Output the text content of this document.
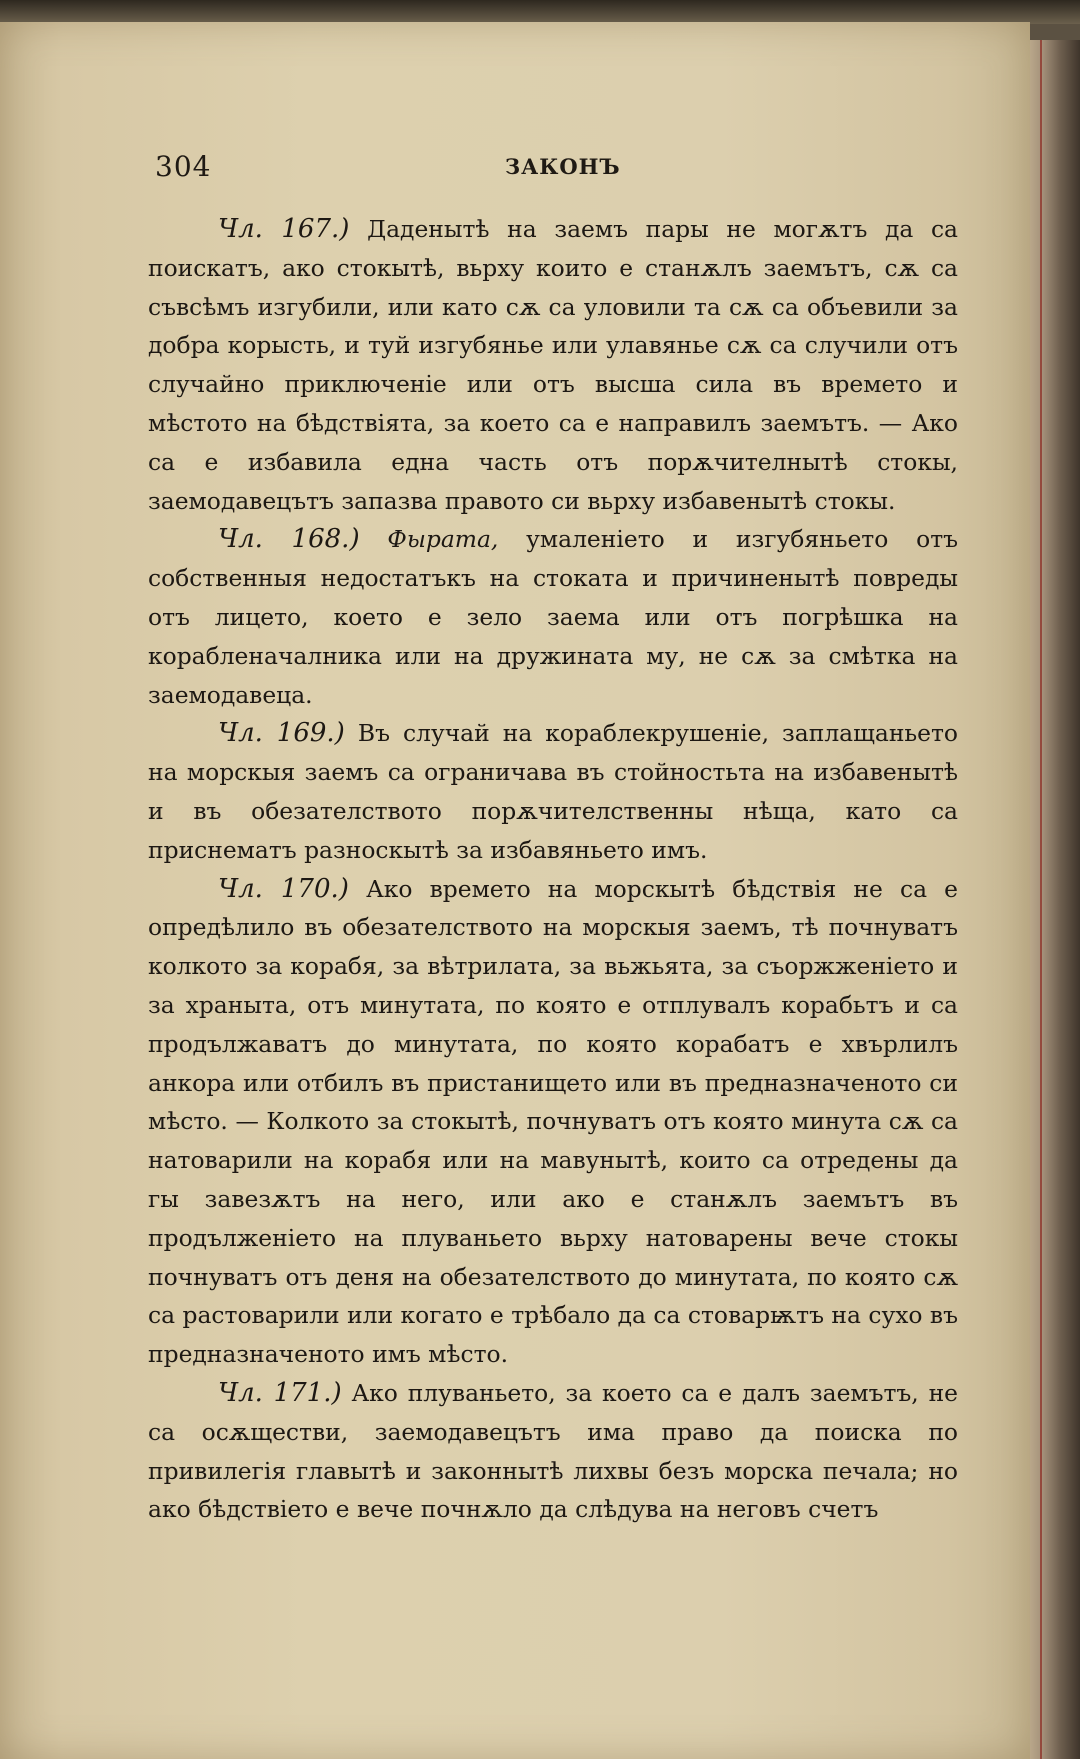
304	ЗАКОНЪ

Чл. 167.) Даденытѣ на заемъ пары не могѫтъ да са поискатъ, ако стокытѣ, вьрху които е станѫлъ заемътъ, сѫ са съвсѣмъ изгубили, или като сѫ са уловили та сѫ са объевили за добра корысть, и туй изгубянье или улавянье сѫ са случили отъ случайно приключеніе или отъ высша сила въ времето и мѣстото на бѣдствіята, за което са е направилъ заемътъ. — Ако са е избавила една часть отъ порѫчителнытѣ стокы, заемодавецътъ запазва правото си вьрху избавенытѣ стокы.

Чл. 168.) Фырата, умаленіето и изгубяньето отъ собственныя недостатъкъ на стоката и причиненытѣ повреды отъ лицето, което е зело заема или отъ погрѣшка на корабленачалника или на дружината му, не сѫ за смѣтка на заемодавеца.

Чл. 169.) Въ случай на кораблекрушеніе, заплащаньето на морскыя заемъ са ограничава въ стойностьта на избавенытѣ и въ обезателството порѫчителственны нѣща, като са приснематъ разноскытѣ за избавяньето имъ.

Чл. 170.) Ако времето на морскытѣ бѣдствія не са е опредѣлило въ обезателството на морскыя заемъ, тѣ почнуватъ колкото за корабя, за вѣтрилата, за вьжьята, за съоржженіето и за храныта, отъ минутата, по която е отплувалъ корабьтъ и са продължаватъ до минутата, по която корабатъ е хвърлилъ анкора или отбилъ въ пристанището или въ предназначеното си мѣсто. — Колкото за стокытѣ, почнуватъ отъ която минута сѫ са натоварили на корабя или на мавунытѣ, които са отредены да гы завезѫтъ на него, или ако е станѫлъ заемътъ въ продълженіето на плуваньето вьрху натоварены вече стокы почнуватъ отъ деня на обезателството до минутата, по която сѫ са растоварили или когато е трѣбало да са стоварѭтъ на сухо въ предназначеното имъ мѣсто.

Чл. 171.) Ако плуваньето, за което са е далъ заемътъ, не са осѫществи, заемодавецътъ има право да поиска по привилегія главытѣ и законнытѣ лихвы безъ морска печала; но ако бѣдствіето е вече почнѫло да слѣдува на неговъ счетъ
